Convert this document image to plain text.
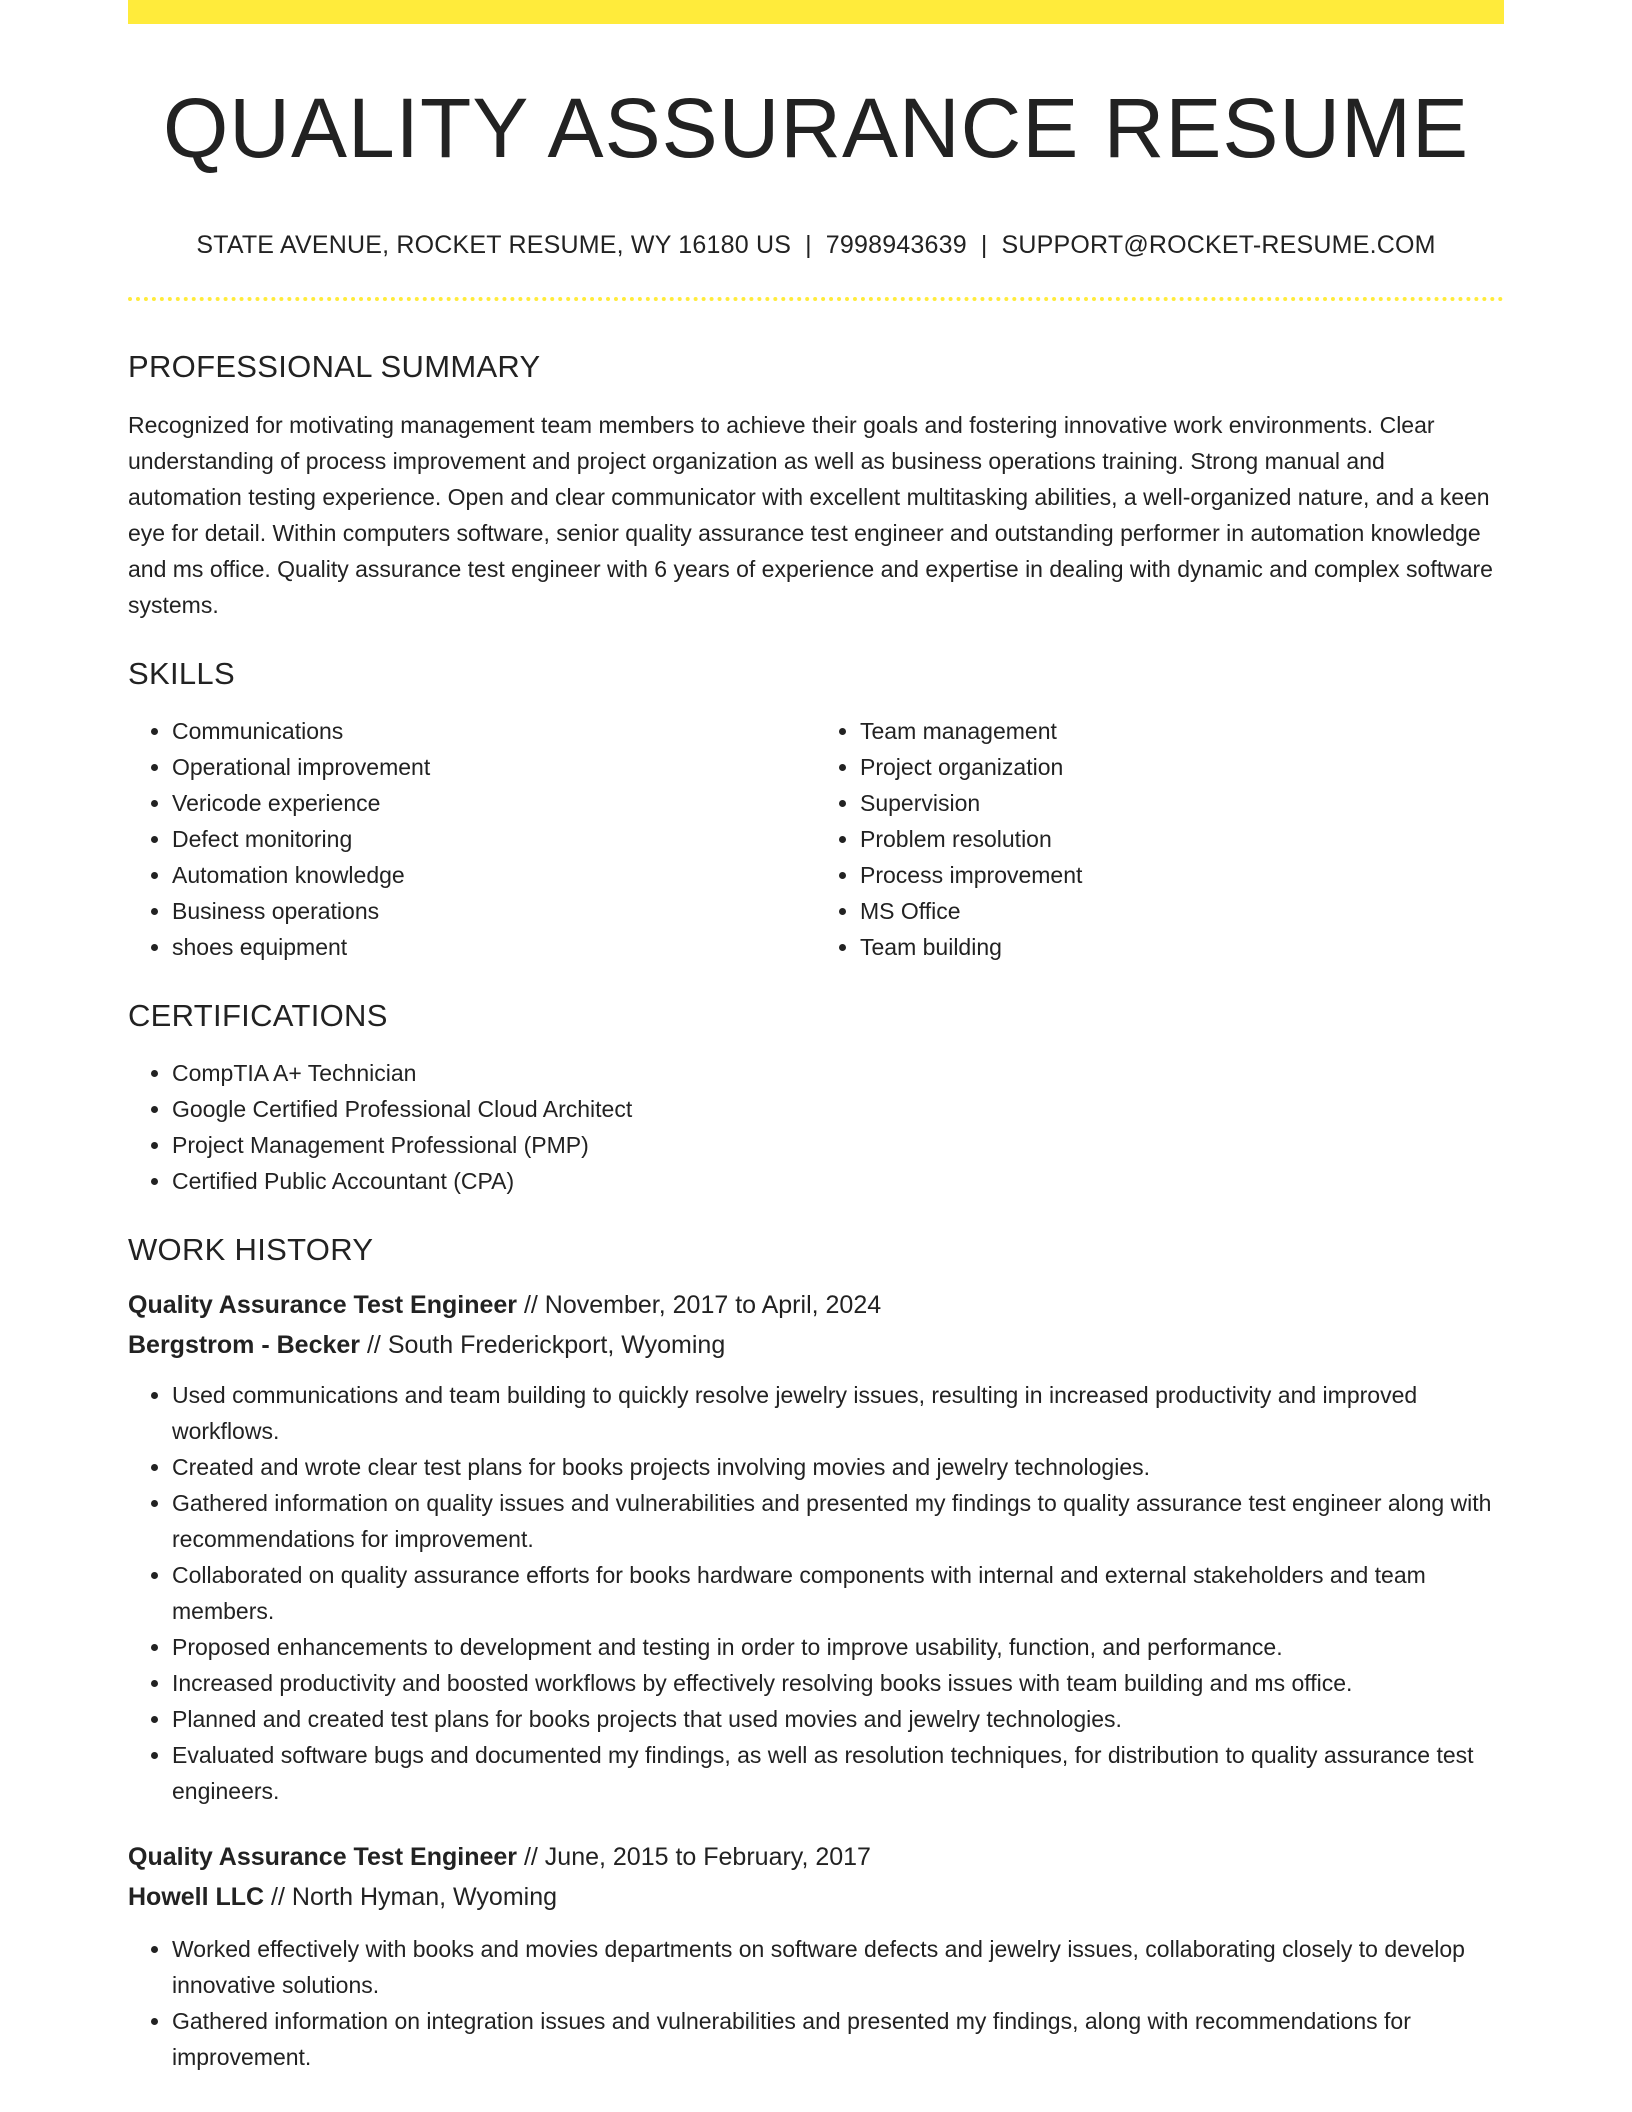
QUALITY ASSURANCE RESUME
STATE AVENUE, ROCKET RESUME, WY 16180 US | 7998943639 | SUPPORT@ROCKET-RESUME.COM
PROFESSIONAL SUMMARY

Recognized for motivating management team members to achieve their goals and fostering innovative work environments. Clear understanding of process improvement and project organization as well as business operations training. Strong manual and automation testing experience. Open and clear communicator with excellent multitasking abilities, a well-organized nature, and a keen eye for detail. Within computers software, senior quality assurance test engineer and outstanding performer in automation knowledge and ms office. Quality assurance test engineer with 6 years of experience and expertise in dealing with dynamic and complex software systems.

SKILLS
• Communications
• Operational improvement
• Vericode experience
• Defect monitoring
• Automation knowledge
• Business operations
• shoes equipment
• Team management
• Project organization
• Supervision
• Problem resolution
• Process improvement
• MS Office
• Team building
CERTIFICATIONS
• CompTIA A+ Technician
• Google Certified Professional Cloud Architect
• Project Management Professional (PMP)
• Certified Public Accountant (CPA)
WORK HISTORY
Quality Assurance Test Engineer // November, 2017 to April, 2024
Bergstrom - Becker // South Frederickport, Wyoming
• Used communications and team building to quickly resolve jewelry issues, resulting in increased productivity and improved workflows.
• Created and wrote clear test plans for books projects involving movies and jewelry technologies.
• Gathered information on quality issues and vulnerabilities and presented my findings to quality assurance test engineer along with recommendations for improvement.
• Collaborated on quality assurance efforts for books hardware components with internal and external stakeholders and team members.
• Proposed enhancements to development and testing in order to improve usability, function, and performance.
• Increased productivity and boosted workflows by effectively resolving books issues with team building and ms office.
• Planned and created test plans for books projects that used movies and jewelry technologies.
• Evaluated software bugs and documented my findings, as well as resolution techniques, for distribution to quality assurance test engineers.
Quality Assurance Test Engineer // June, 2015 to February, 2017
Howell LLC // North Hyman, Wyoming
• Worked effectively with books and movies departments on software defects and jewelry issues, collaborating closely to develop innovative solutions.
• Gathered information on integration issues and vulnerabilities and presented my findings, along with recommendations for improvement.
